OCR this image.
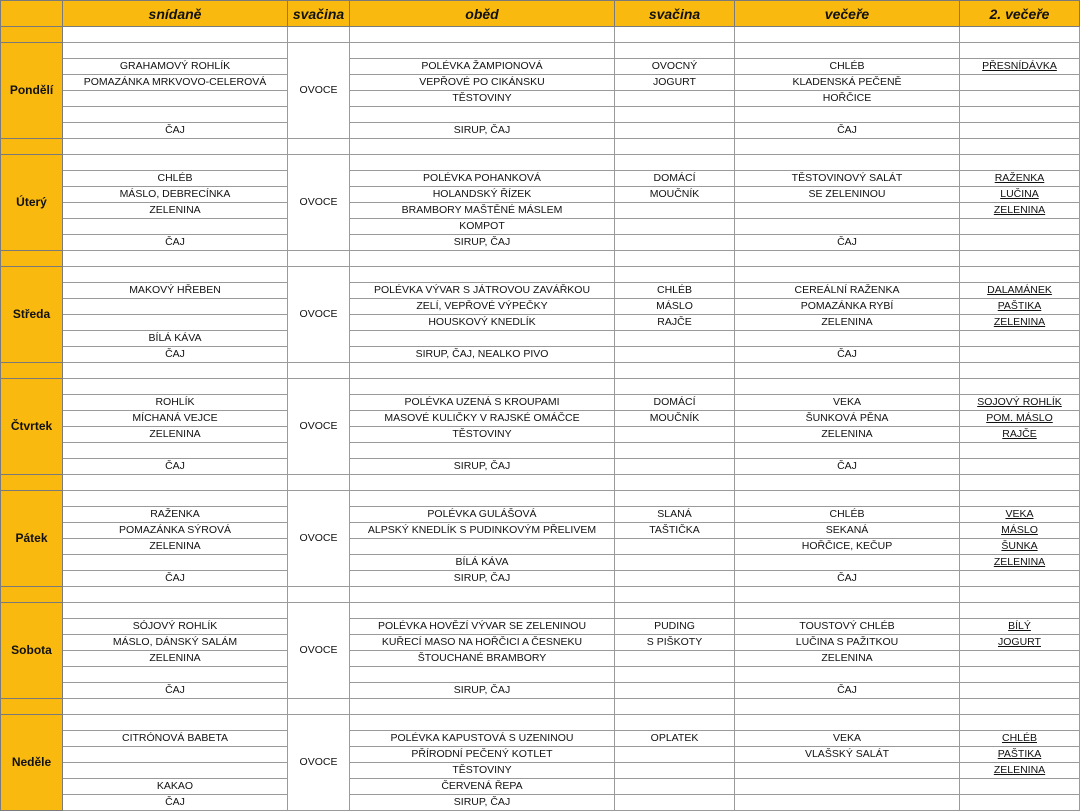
	snídaně	svačina	oběd	svačina	večeře	2. večeře

Pondělí		OVOCE				
	GRAHAMOVÝ ROHLÍK		POLÉVKA ŽAMPIONOVÁ	OVOCNÝ	CHLÉB	PŘESNÍDÁVKA
	POMAZÁNKA MRKVOVO-CELEROVÁ		VEPŘOVÉ PO CIKÁNSKU	JOGURT	KLADENSKÁ PEČENĚ	
			TĚSTOVINY		HOŘČICE	

	ČAJ		SIRUP, ČAJ		ČAJ	

Úterý		OVOCE				
	CHLÉB		POLÉVKA POHANKOVÁ	DOMÁCÍ	TĚSTOVINOVÝ SALÁT	RAŽENKA
	MÁSLO, DEBRECÍNKA		HOLANDSKÝ ŘÍZEK	MOUČNÍK	SE ZELENINOU	LUČINA
	ZELENINA		BRAMBORY MAŠTĚNÉ MÁSLEM			ZELENINA
			KOMPOT			
	ČAJ		SIRUP, ČAJ		ČAJ	

Středa		OVOCE				
	MAKOVÝ HŘEBEN		POLÉVKA VÝVAR S JÁTROVOU ZAVÁŘKOU	CHLÉB	CEREÁLNÍ RAŽENKA	DALAMÁNEK
			ZELÍ, VEPŘOVÉ VÝPEČKY	MÁSLO	POMAZÁNKA RYBÍ	PAŠTIKA
			HOUSKOVÝ KNEDLÍK	RAJČE	ZELENINA	ZELENINA
	BÍLÁ KÁVA					
	ČAJ		SIRUP, ČAJ, NEALKO PIVO		ČAJ	

Čtvrtek		OVOCE				
	ROHLÍK		POLÉVKA UZENÁ S KROUPAMI	DOMÁCÍ	VEKA	SOJOVÝ ROHLÍK
	MÍCHANÁ VEJCE		MASOVÉ KULIČKY V RAJSKÉ OMÁČCE	MOUČNÍK	ŠUNKOVÁ PĚNA	POM. MÁSLO
	ZELENINA		TĚSTOVINY		ZELENINA	RAJČE

	ČAJ		SIRUP, ČAJ		ČAJ	

Pátek		OVOCE				
	RAŽENKA		POLÉVKA GULÁŠOVÁ	SLANÁ	CHLÉB	VEKA
	POMAZÁNKA SÝROVÁ		ALPSKÝ KNEDLÍK S PUDINKOVÝM PŘELIVEM	TAŠTIČKA	SEKANÁ	MÁSLO
	ZELENINA				HOŘČICE, KEČUP	ŠUNKA
			BÍLÁ KÁVA			ZELENINA
	ČAJ		SIRUP, ČAJ		ČAJ	

Sobota		OVOCE				
	SÓJOVÝ ROHLÍK		POLÉVKA HOVĚZÍ VÝVAR SE ZELENINOU	PUDING	TOUSTOVÝ CHLÉB	BÍLÝ
	MÁSLO, DÁNSKÝ SALÁM		KUŘECÍ MASO NA HOŘČICI A ČESNEKU	S PIŠKOTY	LUČINA S PAŽITKOU	JOGURT
	ZELENINA		ŠTOUCHANÉ BRAMBORY		ZELENINA	

	ČAJ		SIRUP, ČAJ		ČAJ	

Neděle		OVOCE				
	CITRÓNOVÁ BABETA		POLÉVKA KAPUSTOVÁ S UZENINOU	OPLATEK	VEKA	CHLÉB
			PŘÍRODNÍ PEČENÝ KOTLET		VLAŠSKÝ SALÁT	PAŠTIKA
			TĚSTOVINY			ZELENINA
	KAKAO		ČERVENÁ ŘEPA			
	ČAJ		SIRUP, ČAJ			
